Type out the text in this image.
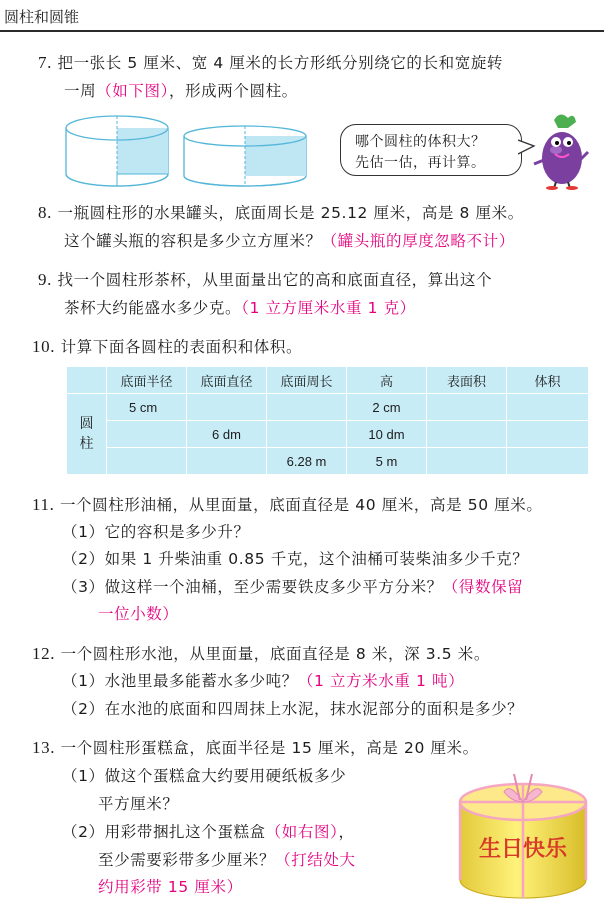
圆柱和圆锥
7. 把一张长 5 厘米、宽 4 厘米的长方形纸分别绕它的长和宽旋转
一周（如下图），形成两个圆柱。
哪个圆柱的体积大？
先估一估，再计算。
8. 一瓶圆柱形的水果罐头，底面周长是 25.12 厘米，高是 8 厘米。
这个罐头瓶的容积是多少立方厘米？（罐头瓶的厚度忽略不计）
9. 找一个圆柱形茶杯，从里面量出它的高和底面直径，算出这个
茶杯大约能盛水多少克。（1 立方厘米水重 1 克）
10. 计算下面各圆柱的表面积和体积。
	底面半径	底面直径	底面周长	高	表面积	体积

圆
柱	5 cm			2 cm		
		6 dm		10 dm		
			6.28 m	5 m		
11. 一个圆柱形油桶，从里面量，底面直径是 40 厘米，高是 50 厘米。
（1）它的容积是多少升？
（2）如果 1 升柴油重 0.85 千克，这个油桶可装柴油多少千克？
（3）做这样一个油桶，至少需要铁皮多少平方分米？（得数保留
一位小数）
12. 一个圆柱形水池，从里面量，底面直径是 8 米，深 3.5 米。
（1）水池里最多能蓄水多少吨？（1 立方米水重 1 吨）
（2）在水池的底面和四周抹上水泥，抹水泥部分的面积是多少？
13. 一个圆柱形蛋糕盒，底面半径是 15 厘米，高是 20 厘米。
（1）做这个蛋糕盒大约要用硬纸板多少
平方厘米？
（2）用彩带捆扎这个蛋糕盒（如右图），
至少需要彩带多少厘米？（打结处大
约用彩带 15 厘米）
生日快乐
